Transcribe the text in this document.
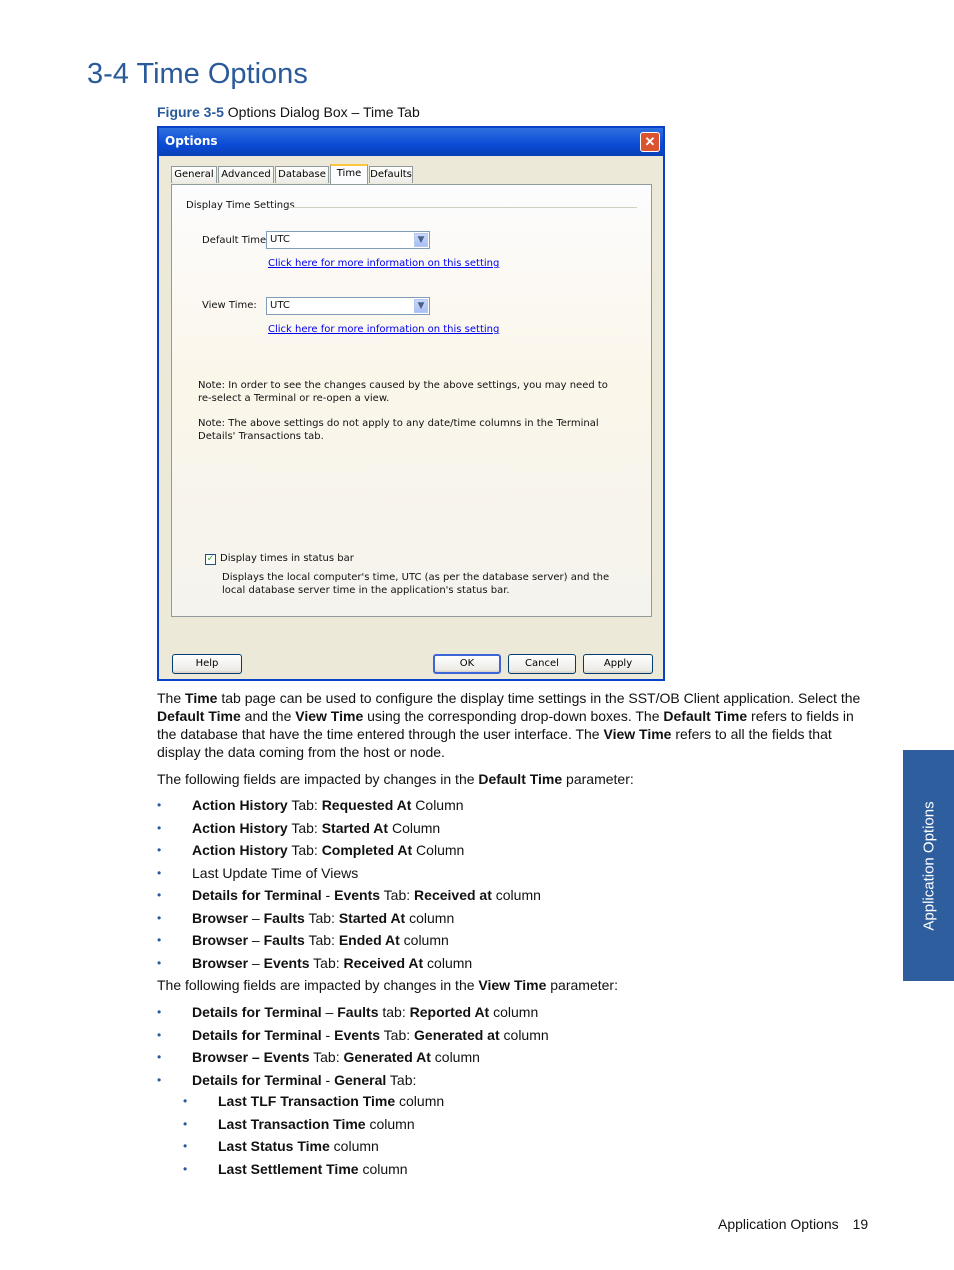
3-4 Time Options
Figure 3-5 Options Dialog Box – Time Tab
Options	✕
General Advanced Database	Time Defaults
Display Time Settings
Default Time UTC	▼
Click here for more information on this setting
View Time: UTC	▼
Click here for more information on this setting
Note: In order to see the changes caused by the above settings, you may need to re-select a Terminal or re-open a view.
Note: The above settings do not apply to any date/time columns in the Terminal Details' Transactions tab.
✓ Display times in status bar
Displays the local computer's time, UTC (as per the database server) and the local database server time in the application's status bar.
Help	OK	Cancel	Apply
The Time tab page can be used to configure the display time settings in the SST/OB Client application. Select the Default Time and the View Time using the corresponding drop-down boxes. The Default Time refers to fields in the database that have the time entered through the user interface. The View Time refers to all the fields that display the data coming from the host or node.
The following fields are impacted by changes in the Default Time parameter:
• Action History Tab: Requested At Column
• Action History Tab: Started At Column
• Action History Tab: Completed At Column
• Last Update Time of Views
• Details for Terminal - Events Tab: Received at column
• Browser – Faults Tab: Started At column
• Browser – Faults Tab: Ended At column
• Browser – Events Tab: Received At column
The following fields are impacted by changes in the View Time parameter:
• Details for Terminal – Faults tab: Reported At column
• Details for Terminal - Events Tab: Generated at column
• Browser – Events Tab: Generated At column
• Details for Terminal - General Tab:
• Last TLF Transaction Time column
• Last Transaction Time column
• Last Status Time column
• Last Settlement Time column
Application Options
Application Options 19
